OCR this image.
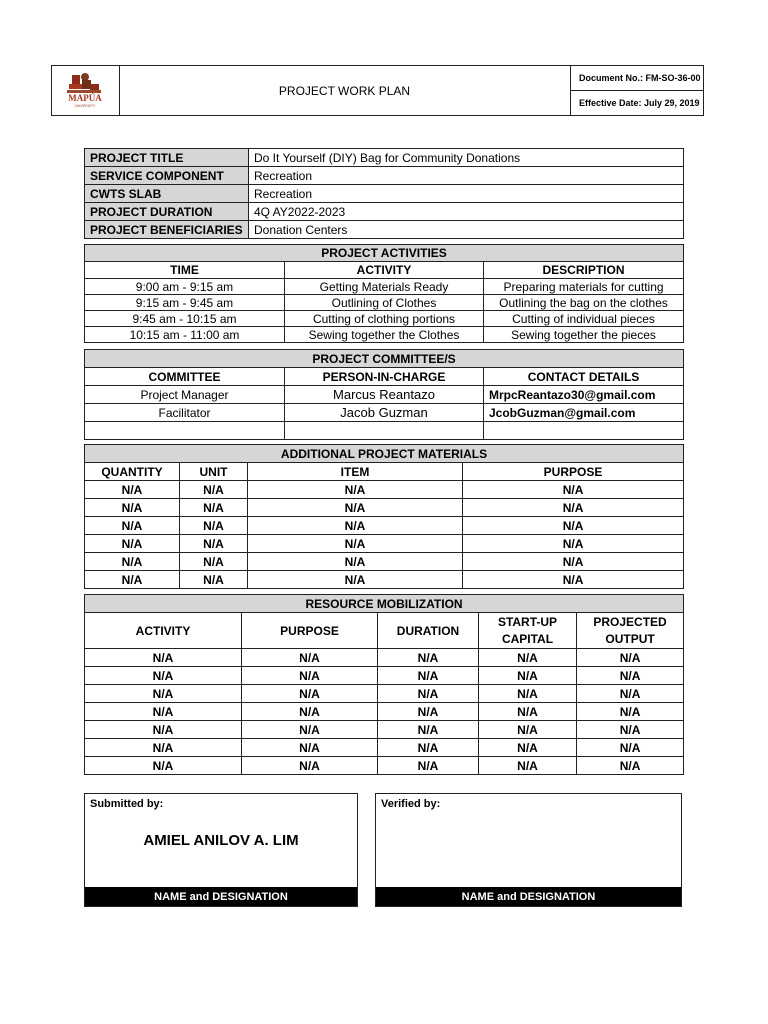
MAPÚA
UNIVERSITY
PROJECT WORK PLAN
Document No.: FM-SO-36-00
Effective Date: July 29, 2019
PROJECT TITLE	Do It Yourself (DIY) Bag for Community Donations
SERVICE COMPONENT	Recreation
CWTS SLAB	Recreation
PROJECT DURATION	4Q AY2022-2023
PROJECT BENEFICIARIES	Donation Centers
PROJECT ACTIVITIES		
TIME	ACTIVITY	DESCRIPTION
9:00 am - 9:15 am	Getting Materials Ready	Preparing materials for cutting
9:15 am - 9:45 am	Outlining of Clothes	Outlining the bag on the clothes
9:45 am - 10:15 am	Cutting of clothing portions	Cutting of individual pieces
10:15 am - 11:00 am	Sewing together the Clothes	Sewing together the pieces
PROJECT COMMITTEE/S		
COMMITTEE	PERSON-IN-CHARGE	CONTACT DETAILS
Project Manager	Marcus Reantazo	MrpcReantazo30@gmail.com
Facilitator	Jacob Guzman	JcobGuzman@gmail.com

ADDITIONAL PROJECT MATERIALS			
QUANTITY	UNIT	ITEM	PURPOSE
N/A	N/A	N/A	N/A
N/A	N/A	N/A	N/A
N/A	N/A	N/A	N/A
N/A	N/A	N/A	N/A
N/A	N/A	N/A	N/A
N/A	N/A	N/A	N/A
RESOURCE MOBILIZATION				
ACTIVITY	PURPOSE	DURATION	START-UP CAPITAL	PROJECTED OUTPUT
N/A	N/A	N/A	N/A	N/A
N/A	N/A	N/A	N/A	N/A
N/A	N/A	N/A	N/A	N/A
N/A	N/A	N/A	N/A	N/A
N/A	N/A	N/A	N/A	N/A
N/A	N/A	N/A	N/A	N/A
N/A	N/A	N/A	N/A	N/A
Submitted by:
AMIEL ANILOV A. LIM
NAME and DESIGNATION
Verified by:
NAME and DESIGNATION
